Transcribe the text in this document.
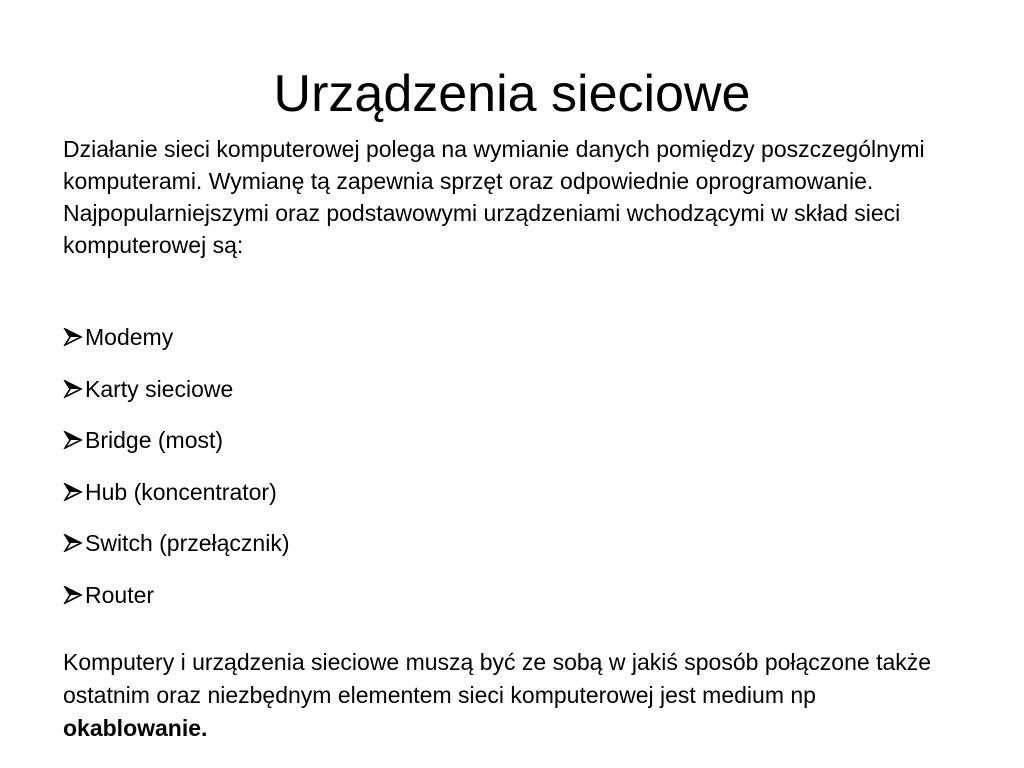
Urządzenia sieciowe

Działanie sieci komputerowej polega na wymianie danych pomiędzy poszczególnymi komputerami. Wymianę tą zapewnia sprzęt oraz odpowiednie oprogramowanie.

Najpopularniejszymi oraz podstawowymi urządzeniami wchodzącymi w skład sieci komputerowej są:

Modemy
Karty sieciowe
Bridge (most)
Hub (koncentrator)
Switch (przełącznik)
Router

Komputery i urządzenia sieciowe muszą być ze sobą w jakiś sposób połączone także ostatnim oraz niezbędnym elementem sieci komputerowej jest medium np okablowanie.
